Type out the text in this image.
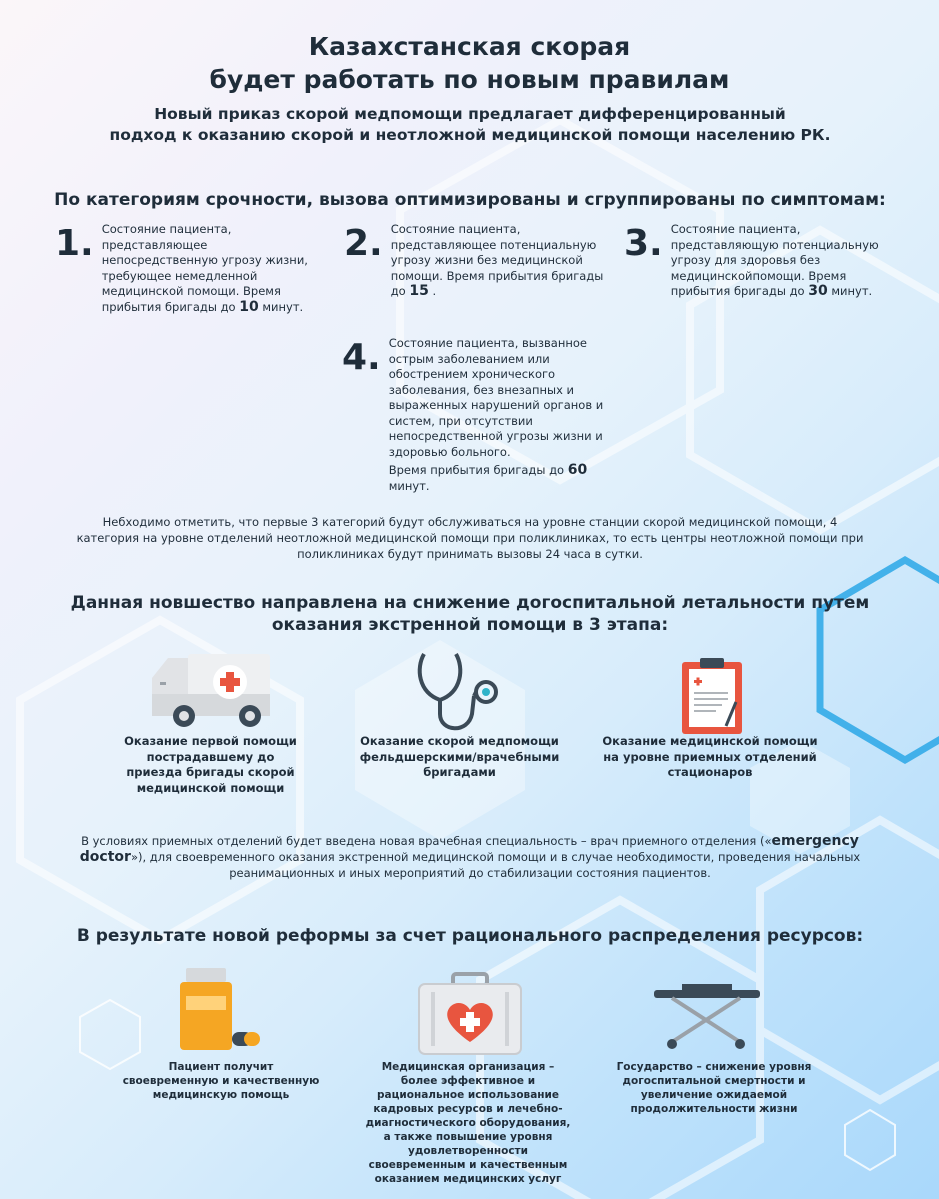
Казахстанская скорая
будет работать по новым правилам
Новый приказ скорой медпомощи предлагает дифференцированный
подход к оказанию скорой и неотложной медицинской помощи населению РК.
По категориям срочности, вызова оптимизированы и сгруппированы по симптомам:
1. Состояние пациента, представляющее непосредственную угрозу жизни, требующее немедленной медицинской помощи. Время прибытия бригады до 10 минут.
2. Состояние пациента, представляющее потенциальную угрозу жизни без медицинской помощи. Время прибытия бригады до 15 .
3. Состояние пациента, представляющую потенциальную угрозу для здоровья без медицинскойпомощи. Время прибытия бригады до 30 минут.
4. Состояние пациента, вызванное острым заболеванием или обострением хронического заболевания, без внезапных и выраженных нарушений органов и систем, при отсутствии непосредственной угрозы жизни и здоровью больного.
Время прибытия бригады до 60 минут.
Небходимо отметить, что первые 3 категорий будут обслуживаться на уровне станции скорой медицинской помощи, 4 категория на уровне отделений неотложной медицинской помощи при поликлиниках, то есть центры неотложной помощи при поликлиниках будут принимать вызовы 24 часа в сутки.
Данная новшество направлена на снижение догоспитальной летальности путем
оказания экстренной помощи в 3 этапа:
Оказание первой помощи пострадавшему до приезда бригады скорой медицинской помощи
Оказание скорой медпомощи фельдшерскими/врачебными бригадами
Оказание медицинской помощи на уровне приемных отделений стационаров
В условиях приемных отделений будет введена новая врачебная специальность – врач приемного отделения («emergency doctor»), для своевременного оказания экстренной медицинской помощи и в случае необходимости, проведения начальных реанимационных и иных мероприятий до стабилизации состояния пациентов.
В результате новой реформы за счет рационального распределения ресурсов:
Пациент получит своевременную и качественную медицинскую помощь
Медицинская организация – более эффективное и рациональное использование кадровых ресурсов и лечебно-диагностического оборудования, а также повышение уровня удовлетворенности своевременным и качественным оказанием медицинских услуг
Государство – снижение уровня догоспитальной смертности и увеличение ожидаемой продолжительности жизни
